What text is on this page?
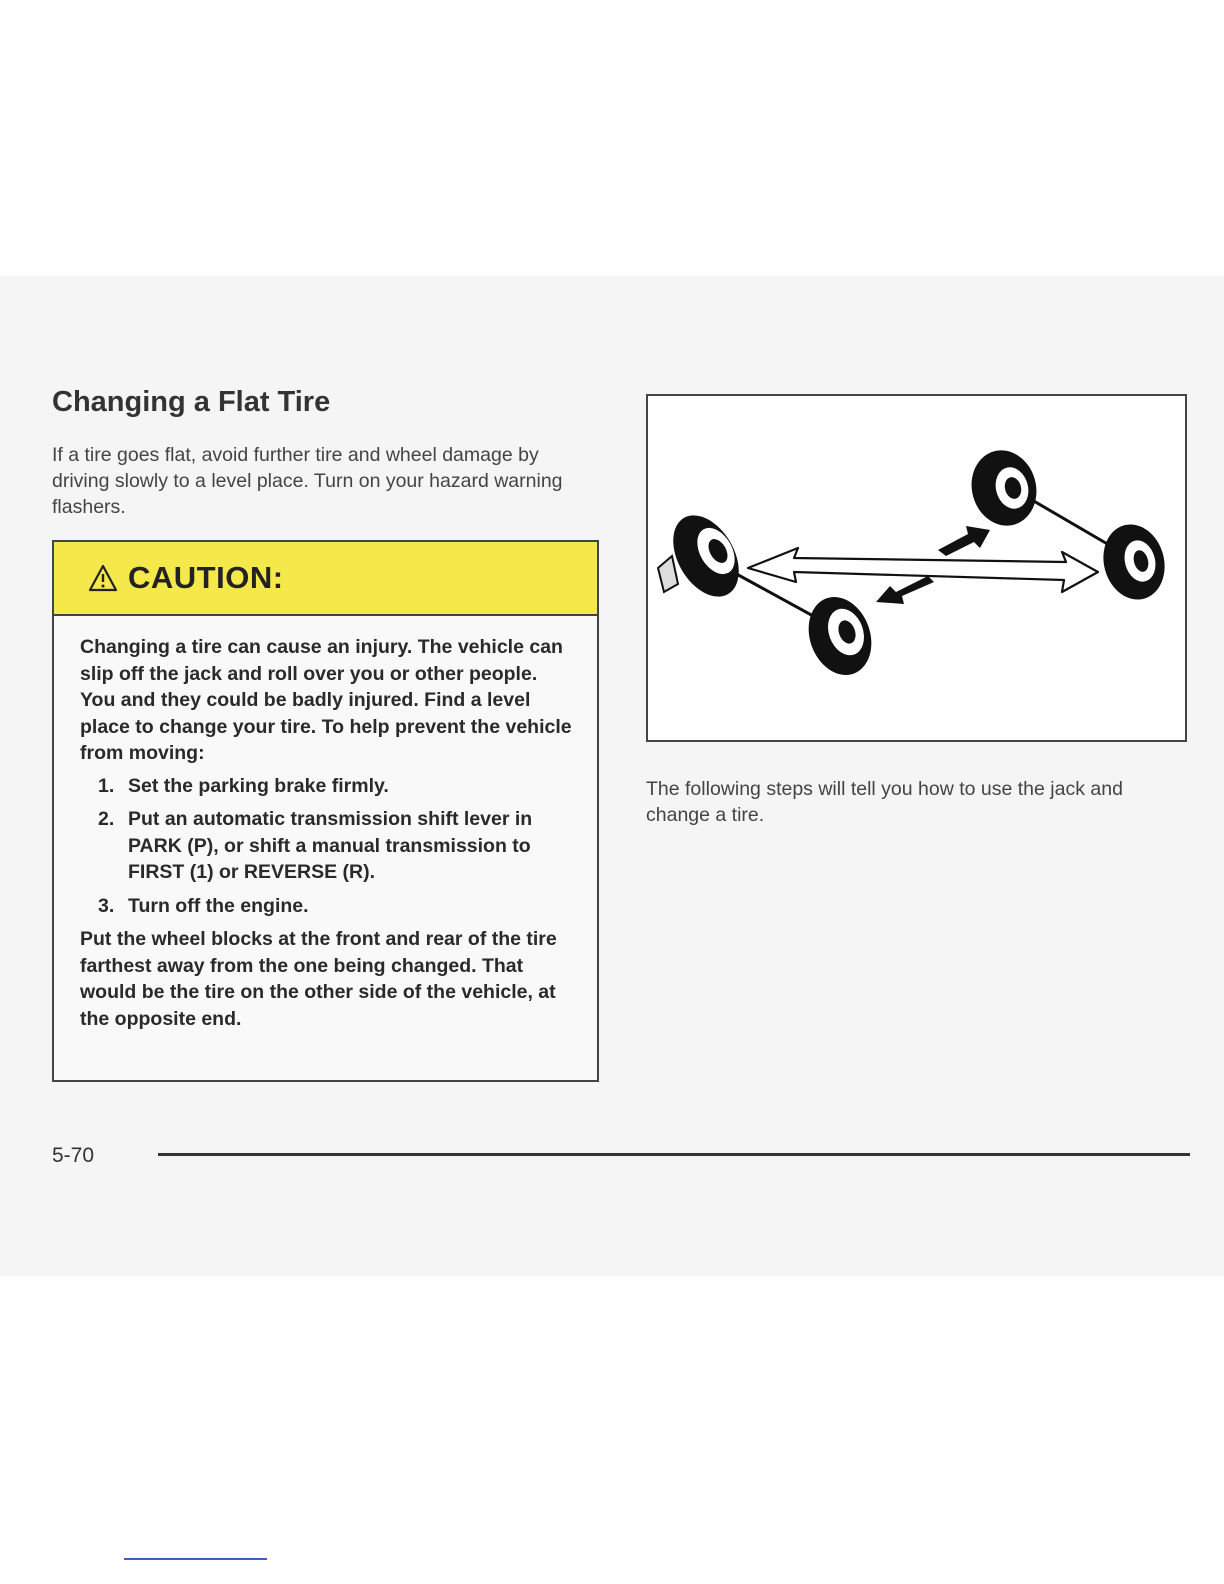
Changing a Flat Tire

If a tire goes flat, avoid further tire and wheel damage by driving slowly to a level place. Turn on your hazard warning flashers.

CAUTION:

Changing a tire can cause an injury. The vehicle can slip off the jack and roll over you or other people. You and they could be badly injured. Find a level place to change your tire. To help prevent the vehicle from moving:

1. Set the parking brake firmly.
2. Put an automatic transmission shift lever in PARK (P), or shift a manual transmission to FIRST (1) or REVERSE (R).
3. Turn off the engine.

Put the wheel blocks at the front and rear of the tire farthest away from the one being changed. That would be the tire on the other side of the vehicle, at the opposite end.

The following steps will tell you how to use the jack and change a tire.

5-70
